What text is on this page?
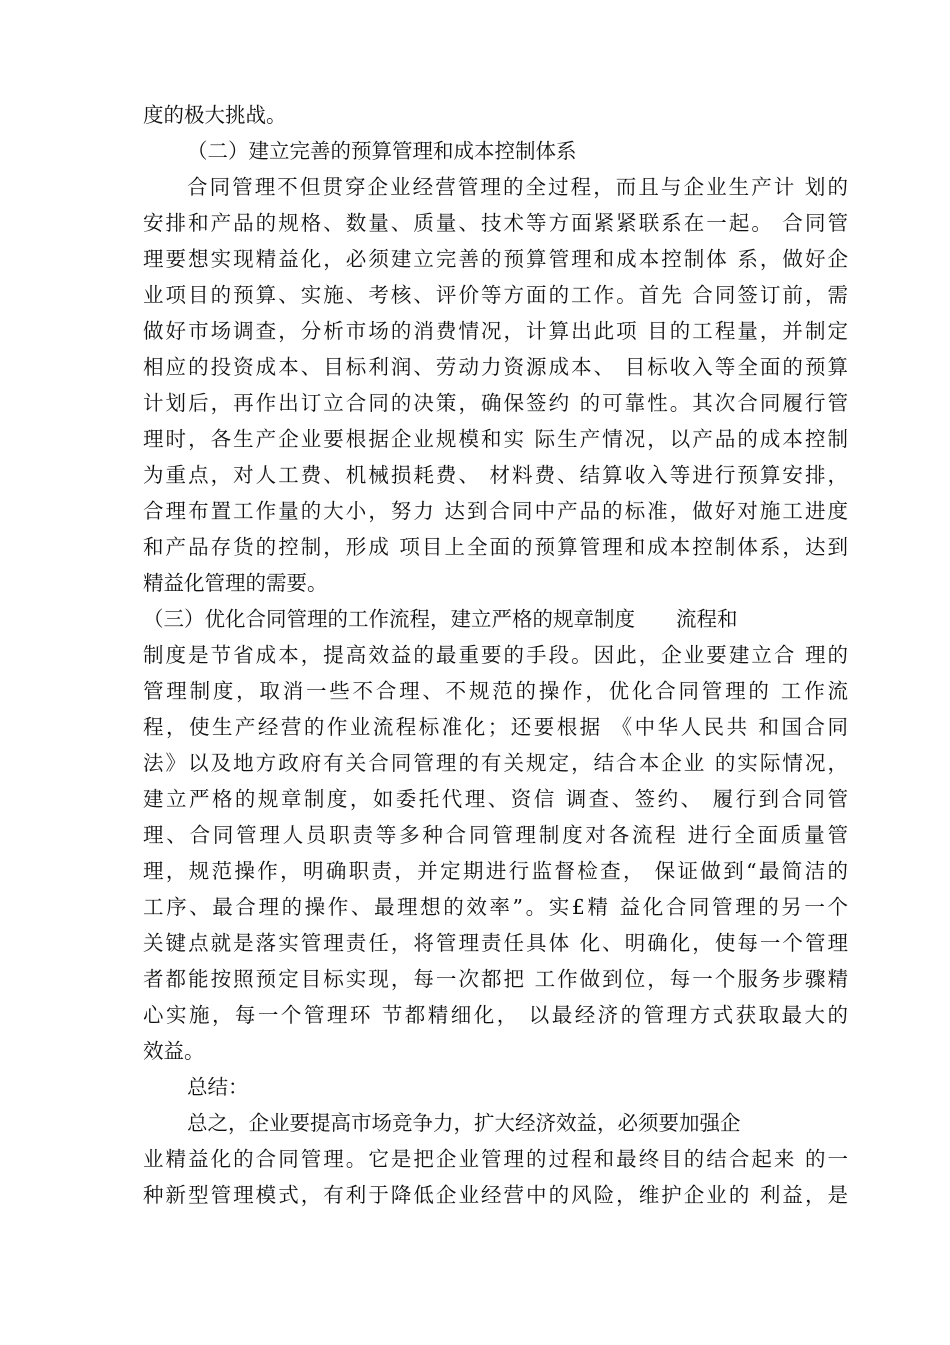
度的极大挑战。

（二）建立完善的预算管理和成本控制体系

合同管理不但贯穿企业经营管理的全过程，而且与企业生产计 划的

安排和产品的规格、数量、质量、技术等方面紧紧联系在一起。 合同管

理要想实现精益化，必须建立完善的预算管理和成本控制体 系，做好企

业项目的预算、实施、考核、评价等方面的工作。首先 合同签订前，需

做好市场调查，分析市场的消费情况，计算出此项 目的工程量，并制定

相应的投资成本、目标利润、劳动力资源成本、 目标收入等全面的预算

计划后，再作出订立合同的决策，确保签约 的可靠性。其次合同履行管

理时，各生产企业要根据企业规模和实 际生产情况，以产品的成本控制

为重点，对人工费、机械损耗费、 材料费、结算收入等进行预算安排，

合理布置工作量的大小，努力 达到合同中产品的标准，做好对施工进度

和产品存货的控制，形成 项目上全面的预算管理和成本控制体系，达到

精益化管理的需要。

（三）优化合同管理的工作流程，建立严格的规章制度　　流程和

制度是节省成本，提高效益的最重要的手段。因此，企业要建立合 理的

管理制度，取消一些不合理、不规范的操作，优化合同管理的 工作流

程，使生产经营的作业流程标准化；还要根据 《中华人民共 和国合同

法》以及地方政府有关合同管理的有关规定，结合本企业 的实际情况，

建立严格的规章制度，如委托代理、资信 调查、签约、 履行到合同管

理、合同管理人员职责等多种合同管理制度对各流程 进行全面质量管

理，规范操作，明确职责，并定期进行监督检查， 保证做到“最简洁的

工序、最合理的操作、最理想的效率”。实£精 益化合同管理的另一个

关键点就是落实管理责任，将管理责任具体 化、明确化，使每一个管理

者都能按照预定目标实现，每一次都把 工作做到位，每一个服务步骤精

心实施，每一个管理环 节都精细化， 以最经济的管理方式获取最大的

效益。

总结：

总之，企业要提高市场竞争力，扩大经济效益，必须要加强企

业精益化的合同管理。它是把企业管理的过程和最终目的结合起来 的一

种新型管理模式，有利于降低企业经营中的风险，维护企业的 利益，是
